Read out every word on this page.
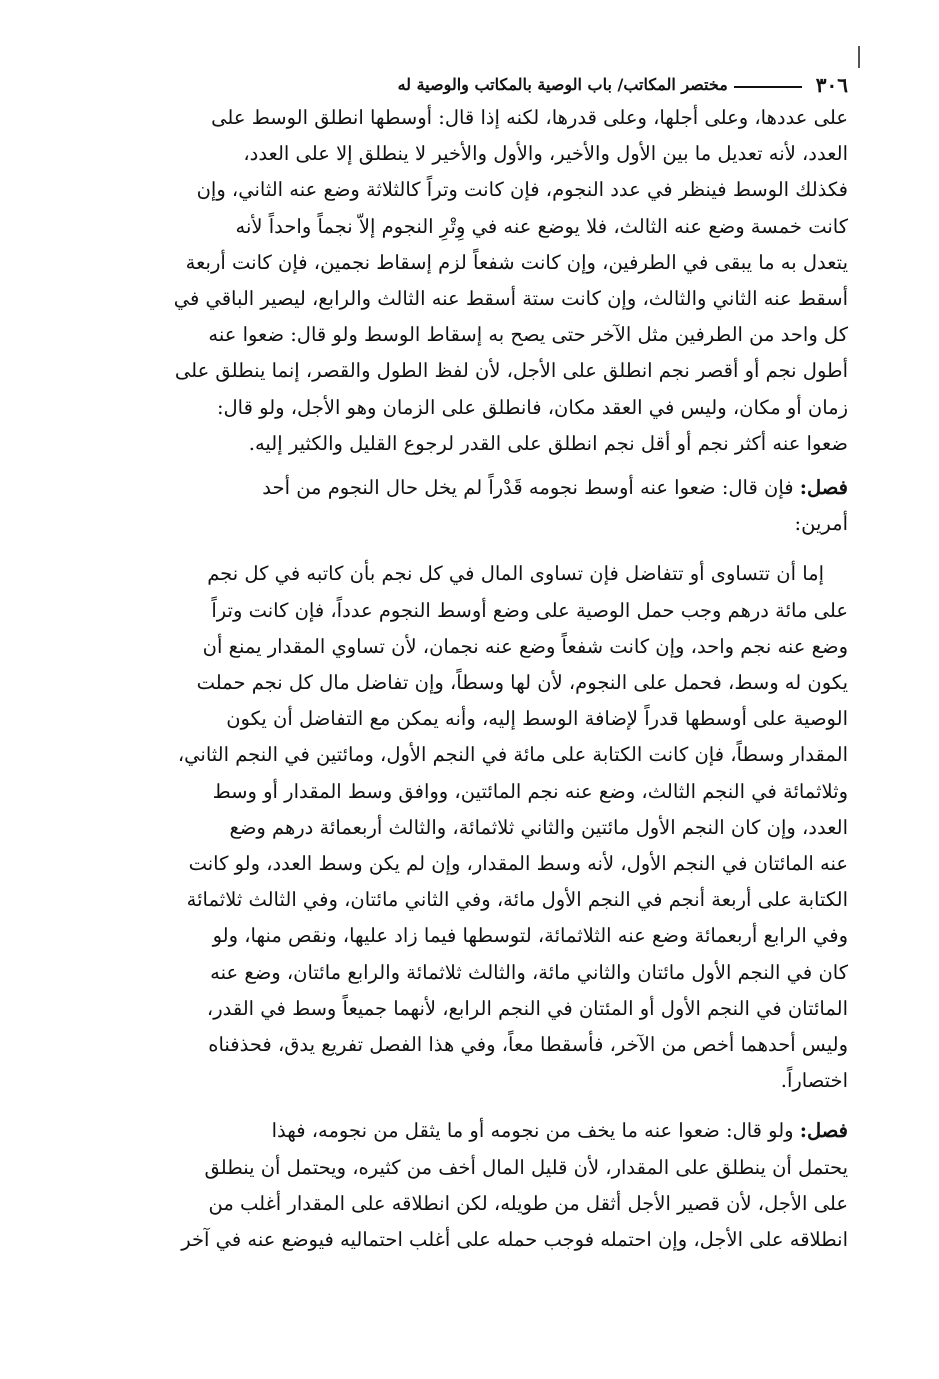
٣٠٦
مختصر المكاتب/ باب الوصية بالمكاتب والوصية له

على عددها، وعلى أجلها، وعلى قدرها، لكنه إذا قال: أوسطها انطلق الوسط على
العدد، لأنه تعديل ما بين الأول والأخير، والأول والأخير لا ينطلق إلا على العدد،
فكذلك الوسط فينظر في عدد النجوم، فإن كانت وتراً كالثلاثة وضع عنه الثاني، وإن
كانت خمسة وضع عنه الثالث، فلا يوضع عنه في وِتْرِ النجوم إلاّ نجماً واحداً لأنه
يتعدل به ما يبقى في الطرفين، وإن كانت شفعاً لزم إسقاط نجمين، فإن كانت أربعة
أسقط عنه الثاني والثالث، وإن كانت ستة أسقط عنه الثالث والرابع، ليصير الباقي في
كل واحد من الطرفين مثل الآخر حتى يصح به إسقاط الوسط ولو قال: ضعوا عنه
أطول نجم أو أقصر نجم انطلق على الأجل، لأن لفظ الطول والقصر، إنما ينطلق على
زمان أو مكان، وليس في العقد مكان، فانطلق على الزمان وهو الأجل، ولو قال:
ضعوا عنه أكثر نجم أو أقل نجم انطلق على القدر لرجوع القليل والكثير إليه.

فصل: فإن قال: ضعوا عنه أوسط نجومه قَدْراً لم يخل حال النجوم من أحد
أمرين:

إما أن تتساوى أو تتفاضل فإن تساوى المال في كل نجم بأن كاتبه في كل نجم
على مائة درهم وجب حمل الوصية على وضع أوسط النجوم عدداً، فإن كانت وتراً
وضع عنه نجم واحد، وإن كانت شفعاً وضع عنه نجمان، لأن تساوي المقدار يمنع أن
يكون له وسط، فحمل على النجوم، لأن لها وسطاً، وإن تفاضل مال كل نجم حملت
الوصية على أوسطها قدراً لإضافة الوسط إليه، وأنه يمكن مع التفاضل أن يكون
المقدار وسطاً، فإن كانت الكتابة على مائة في النجم الأول، ومائتين في النجم الثاني،
وثلاثمائة في النجم الثالث، وضع عنه نجم المائتين، ووافق وسط المقدار أو وسط
العدد، وإن كان النجم الأول مائتين والثاني ثلاثمائة، والثالث أربعمائة درهم وضع
عنه المائتان في النجم الأول، لأنه وسط المقدار، وإن لم يكن وسط العدد، ولو كانت
الكتابة على أربعة أنجم في النجم الأول مائة، وفي الثاني مائتان، وفي الثالث ثلاثمائة
وفي الرابع أربعمائة وضع عنه الثلاثمائة، لتوسطها فيما زاد عليها، ونقص منها، ولو
كان في النجم الأول مائتان والثاني مائة، والثالث ثلاثمائة والرابع مائتان، وضع عنه
المائتان في النجم الأول أو المئتان في النجم الرابع، لأنهما جميعاً وسط في القدر،
وليس أحدهما أخص من الآخر، فأسقطا معاً، وفي هذا الفصل تفريع يدق، فحذفناه
اختصاراً.

فصل: ولو قال: ضعوا عنه ما يخف من نجومه أو ما يثقل من نجومه، فهذا
يحتمل أن ينطلق على المقدار، لأن قليل المال أخف من كثيره، ويحتمل أن ينطلق
على الأجل، لأن قصير الأجل أثقل من طويله، لكن انطلاقه على المقدار أغلب من
انطلاقه على الأجل، وإن احتمله فوجب حمله على أغلب احتماليه فيوضع عنه في آخر
